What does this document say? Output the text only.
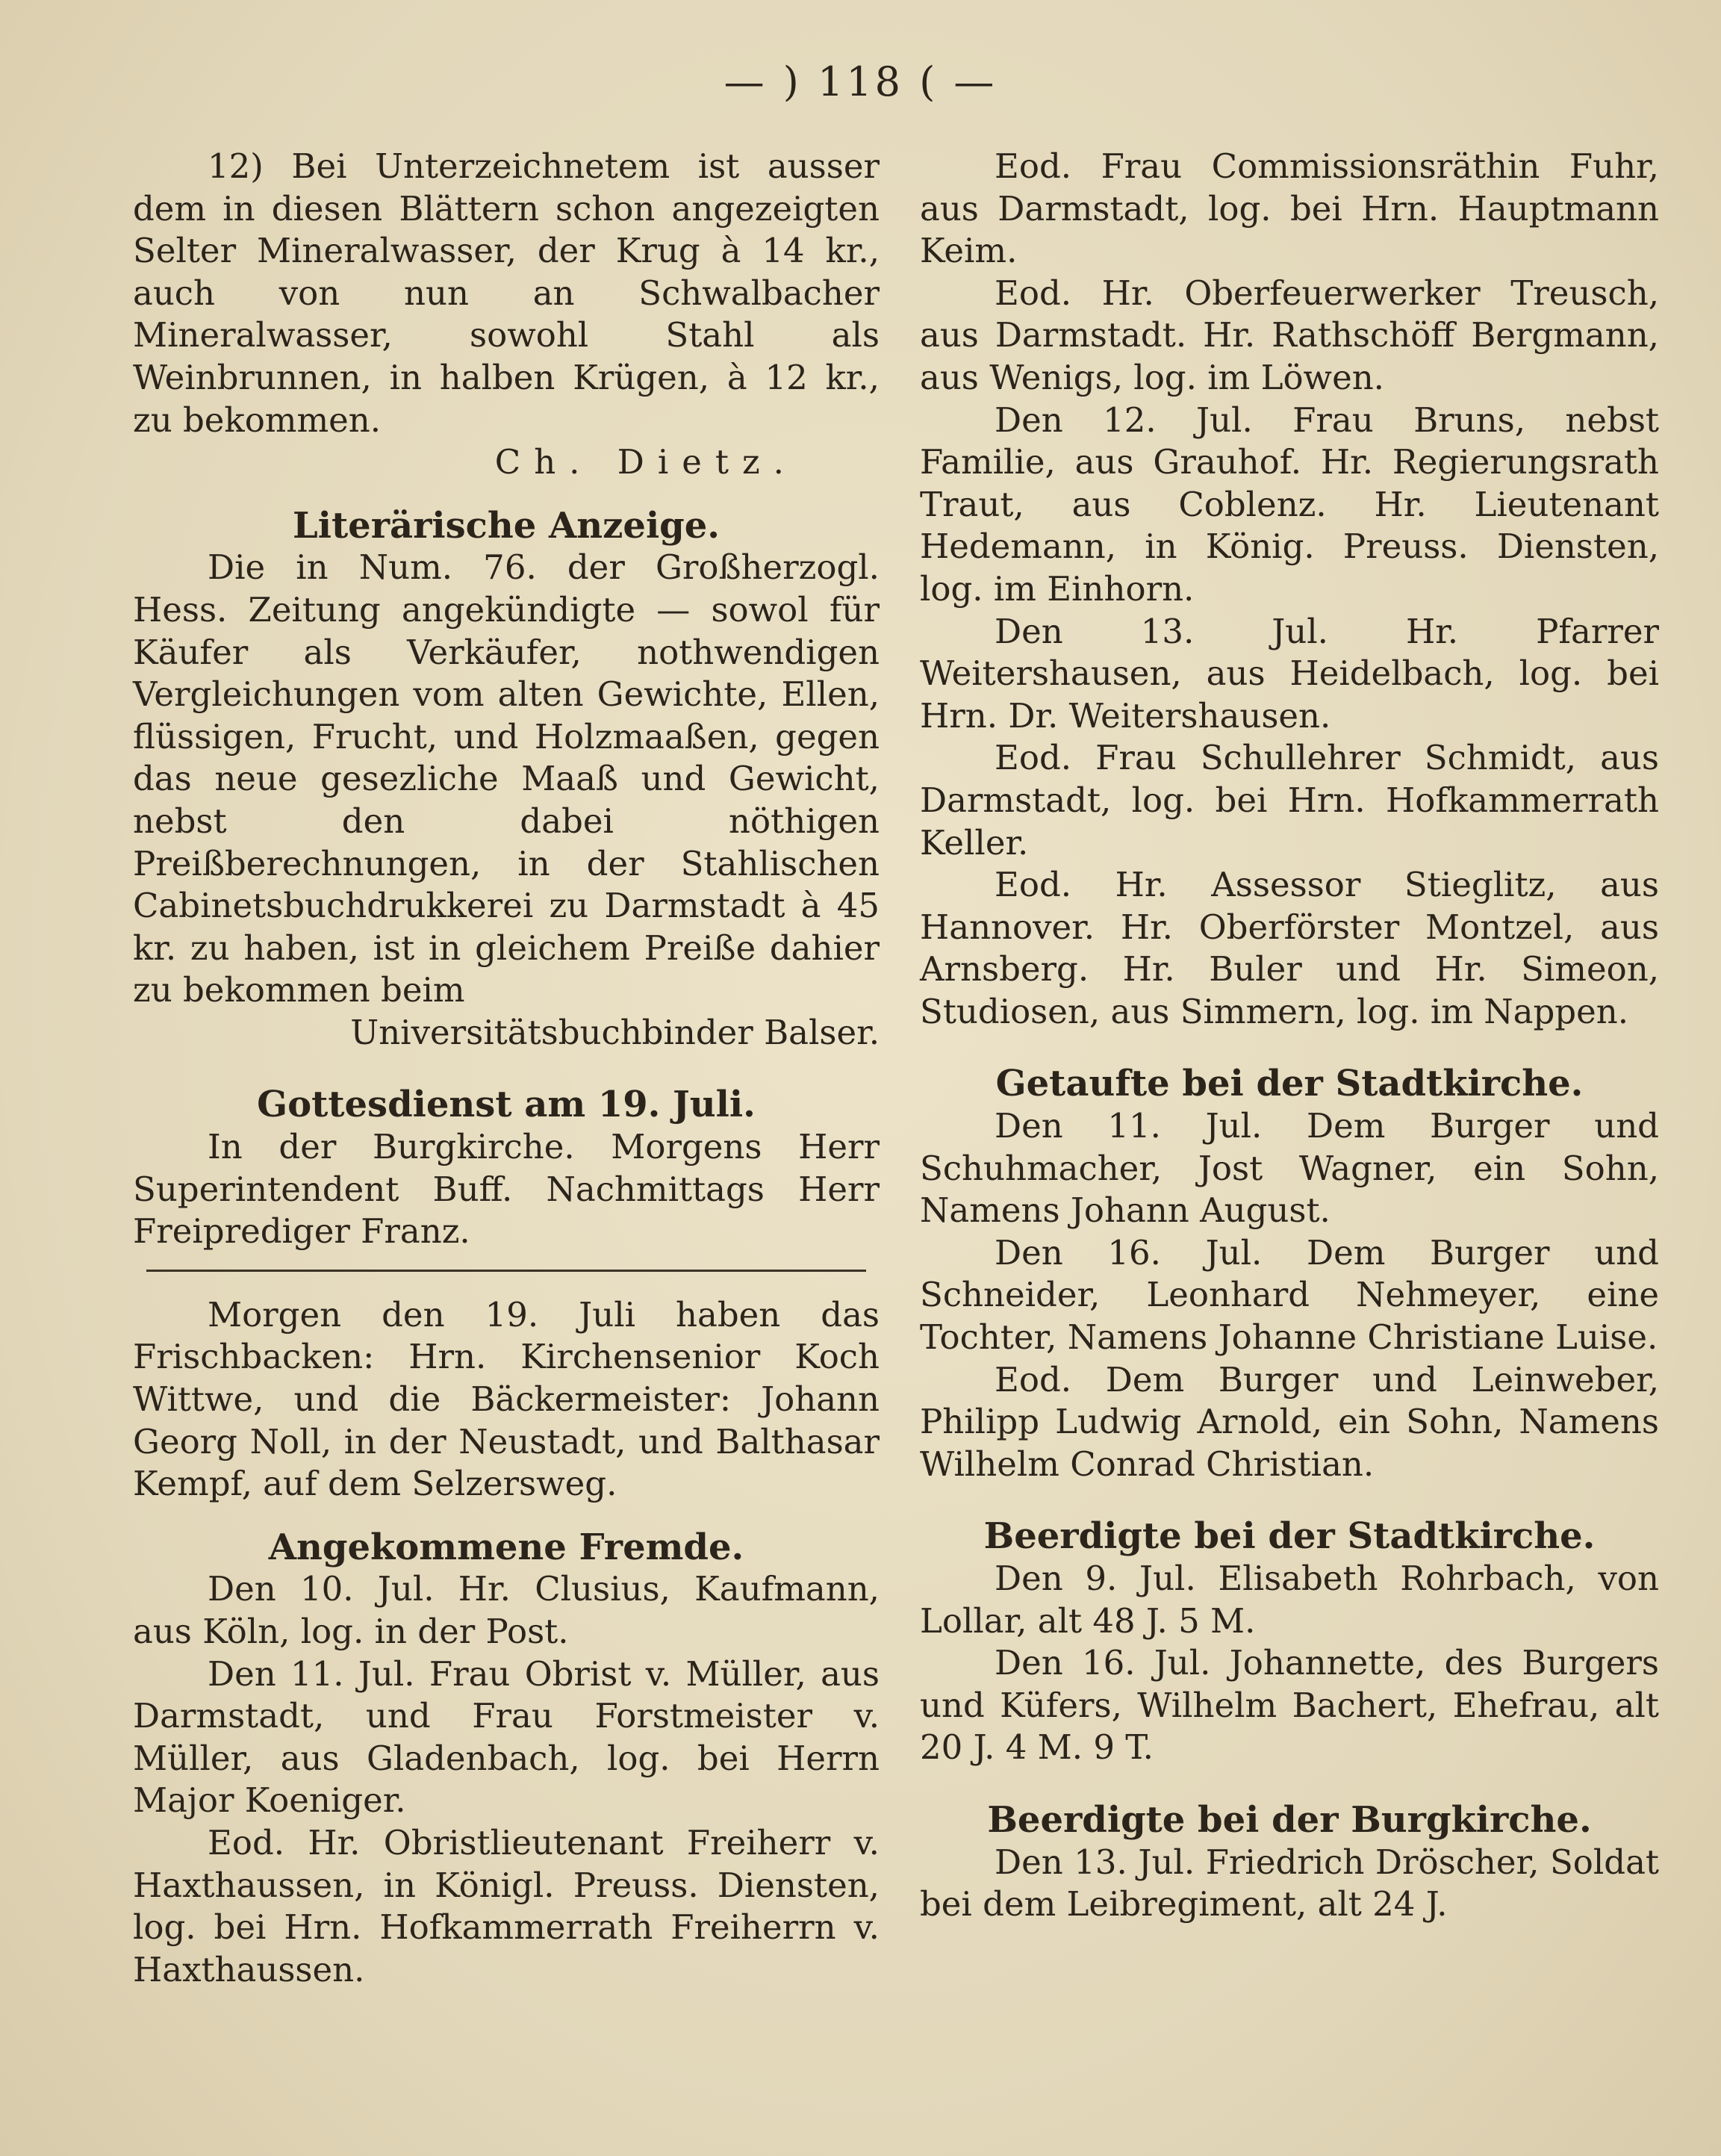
— ) 118 ( —

12) Bei Unterzeichnetem ist ausser dem in diesen Blättern schon angezeigten Selter Mineralwasser, der Krug à 14 kr., auch von nun an Schwalbacher Mineralwasser, sowohl Stahl als Weinbrunnen, in halben Krügen, à 12 kr., zu bekommen.

Ch. Dietz.

Literärische Anzeige.

Die in Num. 76. der Großherzogl. Hess. Zeitung angekündigte — sowol für Käufer als Verkäufer, nothwendigen Vergleichungen vom alten Gewichte, Ellen, flüssigen, Frucht, und Holzmaaßen, gegen das neue gesezliche Maaß und Gewicht, nebst den dabei nöthigen Preißberechnungen, in der Stahlischen Cabinetsbuchdrukkerei zu Darmstadt à 45 kr. zu haben, ist in gleichem Preiße dahier zu bekommen beim

Universitätsbuchbinder Balser.

Gottesdienst am 19. Juli.

In der Burgkirche. Morgens Herr Superintendent Buff. Nachmittags Herr Freiprediger Franz.

Morgen den 19. Juli haben das Frischbacken: Hrn. Kirchensenior Koch Wittwe, und die Bäckermeister: Johann Georg Noll, in der Neustadt, und Balthasar Kempf, auf dem Selzersweg.

Angekommene Fremde.

Den 10. Jul. Hr. Clusius, Kaufmann, aus Köln, log. in der Post.

Den 11. Jul. Frau Obrist v. Müller, aus Darmstadt, und Frau Forstmeister v. Müller, aus Gladenbach, log. bei Herrn Major Koeniger.

Eod. Hr. Obristlieutenant Freiherr v. Haxthaussen, in Königl. Preuss. Diensten, log. bei Hrn. Hofkammerrath Freiherrn v. Haxthaussen.

Eod. Frau Commissionsräthin Fuhr, aus Darmstadt, log. bei Hrn. Hauptmann Keim.

Eod. Hr. Oberfeuerwerker Treusch, aus Darmstadt. Hr. Rathschöff Bergmann, aus Wenigs, log. im Löwen.

Den 12. Jul. Frau Bruns, nebst Familie, aus Grauhof. Hr. Regierungsrath Traut, aus Coblenz. Hr. Lieutenant Hedemann, in König. Preuss. Diensten, log. im Einhorn.

Den 13. Jul. Hr. Pfarrer Weitershausen, aus Heidelbach, log. bei Hrn. Dr. Weitershausen.

Eod. Frau Schullehrer Schmidt, aus Darmstadt, log. bei Hrn. Hofkammerrath Keller.

Eod. Hr. Assessor Stieglitz, aus Hannover. Hr. Oberförster Montzel, aus Arnsberg. Hr. Buler und Hr. Simeon, Studiosen, aus Simmern, log. im Nappen.

Getaufte bei der Stadtkirche.

Den 11. Jul. Dem Burger und Schuhmacher, Jost Wagner, ein Sohn, Namens Johann August.

Den 16. Jul. Dem Burger und Schneider, Leonhard Nehmeyer, eine Tochter, Namens Johanne Christiane Luise.

Eod. Dem Burger und Leinweber, Philipp Ludwig Arnold, ein Sohn, Namens Wilhelm Conrad Christian.

Beerdigte bei der Stadtkirche.

Den 9. Jul. Elisabeth Rohrbach, von Lollar, alt 48 J. 5 M.

Den 16. Jul. Johannette, des Burgers und Küfers, Wilhelm Bachert, Ehefrau, alt 20 J. 4 M. 9 T.

Beerdigte bei der Burgkirche.

Den 13. Jul. Friedrich Dröscher, Soldat bei dem Leibregiment, alt 24 J.
